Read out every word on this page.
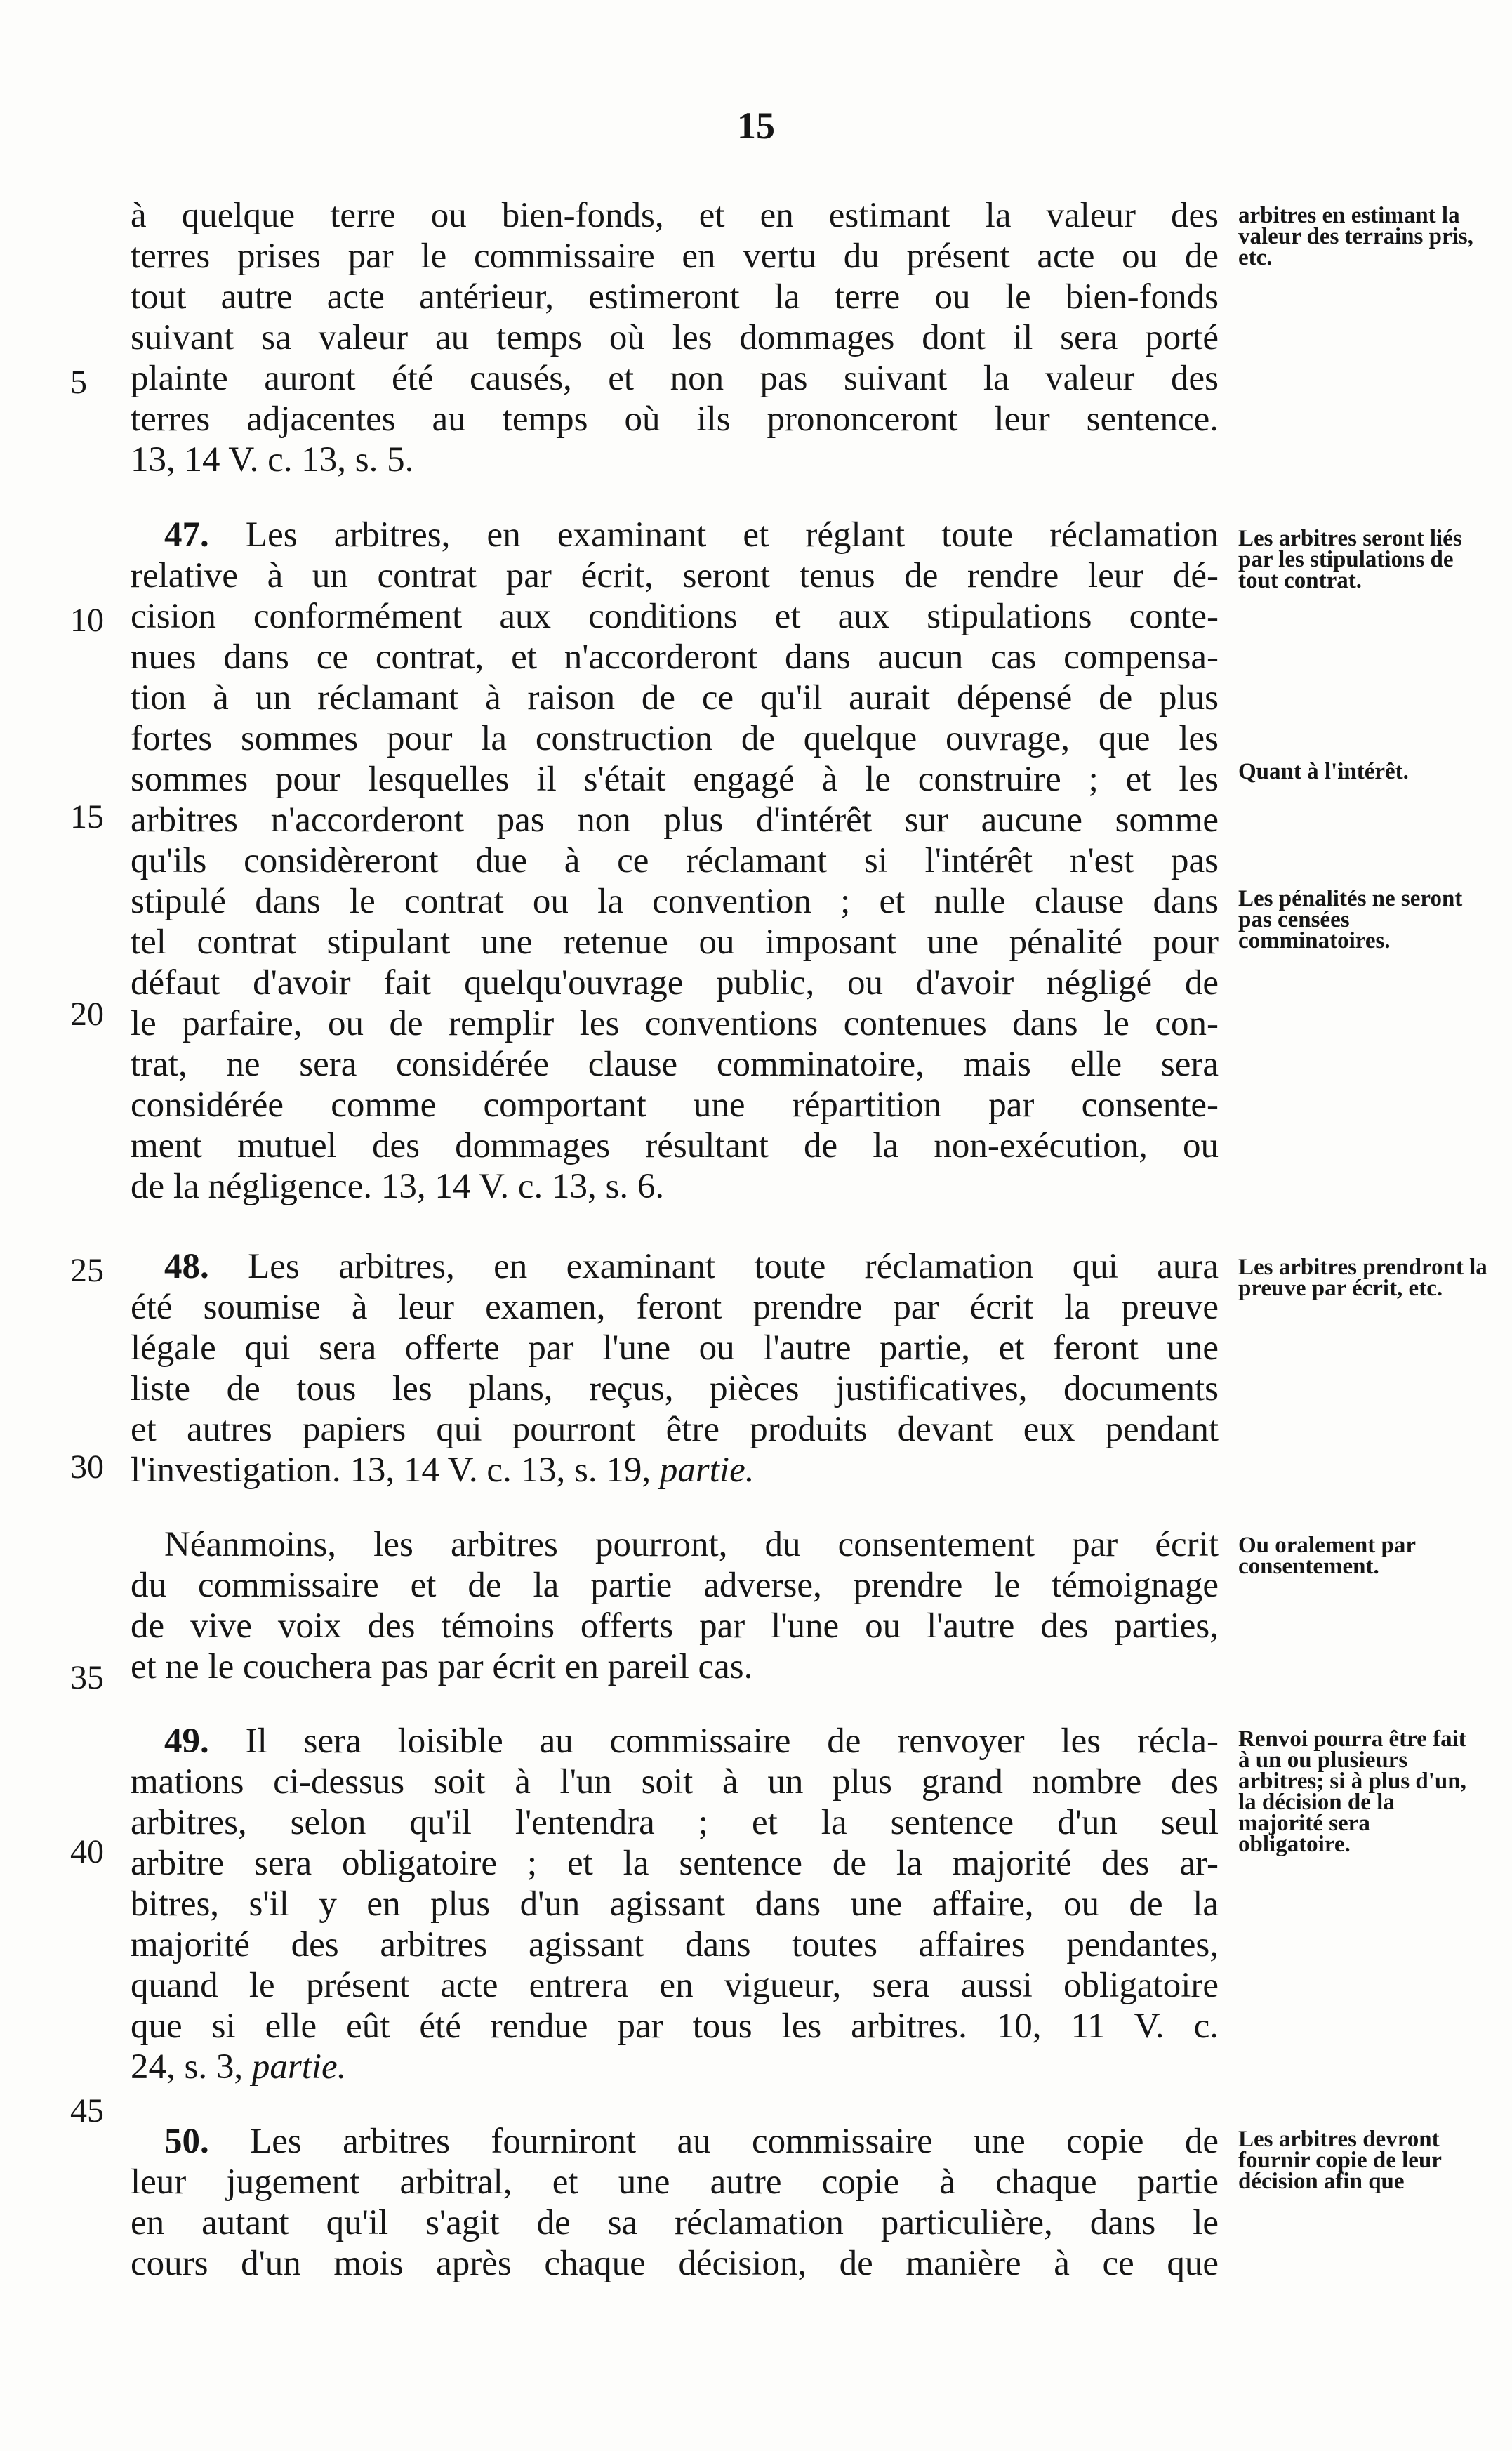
15
5
10
15
20
25
30
35
40
45
à quelque terre ou bien-fonds, et en estimant la valeur des
terres prises par le commissaire en vertu du présent acte ou de
tout autre acte antérieur, estimeront la terre ou le bien-fonds
suivant sa valeur au temps où les dommages dont il sera porté
plainte auront été causés, et non pas suivant la valeur des
terres adjacentes au temps où ils prononceront leur sentence.
13, 14 V. c. 13, s. 5.
arbitres en estimant la valeur des terrains pris, etc.
47. Les arbitres, en examinant et réglant toute réclamation
relative à un contrat par écrit, seront tenus de rendre leur dé-
cision conformément aux conditions et aux stipulations conte-
nues dans ce contrat, et n'accorderont dans aucun cas compensa-
tion à un réclamant à raison de ce qu'il aurait dépensé de plus
fortes sommes pour la construction de quelque ouvrage, que les
sommes pour lesquelles il s'était engagé à le construire ; et les
arbitres n'accorderont pas non plus d'intérêt sur aucune somme
qu'ils considèreront due à ce réclamant si l'intérêt n'est pas
stipulé dans le contrat ou la convention ; et nulle clause dans
tel contrat stipulant une retenue ou imposant une pénalité pour
défaut d'avoir fait quelqu'ouvrage public, ou d'avoir négligé de
le parfaire, ou de remplir les conventions contenues dans le con-
trat, ne sera considérée clause comminatoire, mais elle sera
considérée comme comportant une répartition par consente-
ment mutuel des dommages résultant de la non-exécution, ou
de la négligence. 13, 14 V. c. 13, s. 6.
Les arbitres seront liés par les stipulations de tout contrat.
Quant à l'intérêt.
Les pénalités ne seront pas censées comminatoires.
48. Les arbitres, en examinant toute réclamation qui aura
été soumise à leur examen, feront prendre par écrit la preuve
légale qui sera offerte par l'une ou l'autre partie, et feront une
liste de tous les plans, reçus, pièces justificatives, documents
et autres papiers qui pourront être produits devant eux pendant
l'investigation. 13, 14 V. c. 13, s. 19, partie.
Les arbitres prendront la preuve par écrit, etc.
Néanmoins, les arbitres pourront, du consentement par écrit
du commissaire et de la partie adverse, prendre le témoignage
de vive voix des témoins offerts par l'une ou l'autre des parties,
et ne le couchera pas par écrit en pareil cas.
Ou oralement par consentement.
49. Il sera loisible au commissaire de renvoyer les récla-
mations ci-dessus soit à l'un soit à un plus grand nombre des
arbitres, selon qu'il l'entendra ; et la sentence d'un seul
arbitre sera obligatoire ; et la sentence de la majorité des ar-
bitres, s'il y en plus d'un agissant dans une affaire, ou de la
majorité des arbitres agissant dans toutes affaires pendantes,
quand le présent acte entrera en vigueur, sera aussi obligatoire
que si elle eût été rendue par tous les arbitres. 10, 11 V. c.
24, s. 3, partie.
Renvoi pourra être fait à un ou plusieurs arbitres; si à plus d'un, la décision de la majorité sera obligatoire.
50. Les arbitres fourniront au commissaire une copie de
leur jugement arbitral, et une autre copie à chaque partie
en autant qu'il s'agit de sa réclamation particulière, dans le
cours d'un mois après chaque décision, de manière à ce que
Les arbitres devront fournir copie de leur décision afin que
